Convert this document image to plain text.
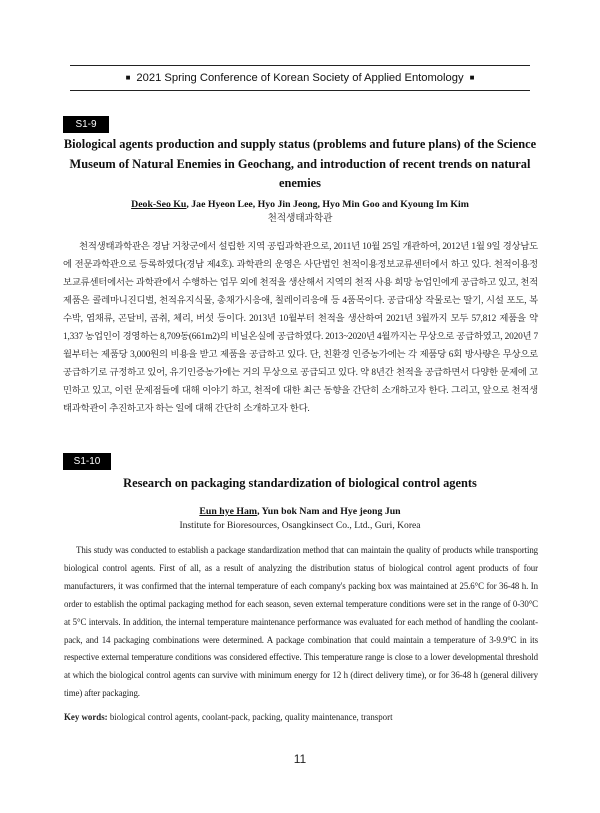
■ 2021 Spring Conference of Korean Society of Applied Entomology ■
S1-9
Biological agents production and supply status (problems and future plans) of the Science Museum of Natural Enemies in Geochang, and introduction of recent trends on natural enemies
Deok-Seo Ku, Jae Hyeon Lee, Hyo Jin Jeong, Hyo Min Goo and Kyoung Im Kim
천적생태과학관

천적생태과학관은 경남 거창군에서 설립한 지역 공립과학관으로, 2011년 10월 25일 개관하여, 2012년 1월 9일 경상남도에 전문과학관으로 등록하였다(경남 제4호). 과학관의 운영은 사단법인 천적이용정보교류센터에서 하고 있다. 천적이용정보교류센터에서는 과학관에서 수행하는 업무 외에 천적을 생산해서 지역의 천적 사용 희망 농업인에게 공급하고 있고, 천적 제품은 콜레마니진디벌, 천적유지식물, 총채가시응애, 칠레이리응애 등 4품목이다. 공급대상 작물로는 딸기, 시설 포도, 복수박, 엽채류, 곤달비, 곰취, 체리, 버섯 등이다. 2013년 10월부터 천적을 생산하여 2021년 3월까지 모두 57,812 제품을 약 1,337 농업인이 경영하는 8,709동(661m2)의 비닐온실에 공급하였다. 2013~2020년 4월까지는 무상으로 공급하였고, 2020년 7월부터는 제품당 3,000원의 비용을 받고 제품을 공급하고 있다. 단, 친환경 인증농가에는 각 제품당 6회 방사량은 무상으로 공급하기로 규정하고 있어, 유기인증농가에는 거의 무상으로 공급되고 있다. 약 8년간 천적을 공급하면서 다양한 문제에 고민하고 있고, 이런 문제점들에 대해 이야기 하고, 천적에 대한 최근 동향을 간단히 소개하고자 한다. 그리고, 앞으로 천적생태과학관이 추진하고자 하는 일에 대해 간단히 소개하고자 한다.

S1-10
Research on packaging standardization of biological control agents
Eun hye Ham, Yun bok Nam and Hye jeong Jun
Institute for Bioresources, Osangkinsect Co., Ltd., Guri, Korea

This study was conducted to establish a package standardization method that can maintain the quality of products while transporting biological control agents. First of all, as a result of analyzing the distribution status of biological control agent products of four manufacturers, it was confirmed that the internal temperature of each company's packing box was maintained at 25.6°C for 36-48 h. In order to establish the optimal packaging method for each season, seven external temperature conditions were set in the range of 0-30°C at 5°C intervals. In addition, the internal temperature maintenance performance was evaluated for each method of handling the coolant-pack, and 14 packaging combinations were determined. A package combination that could maintain a temperature of 3-9.9°C in its respective external temperature conditions was considered effective. This temperature range is close to a lower developmental threshold at which the biological control agents can survive with minimum energy for 12 h (direct delivery time), or for 36-48 h (general dilivery time) after packaging.

Key words: biological control agents, coolant-pack, packing, quality maintenance, transport
11
